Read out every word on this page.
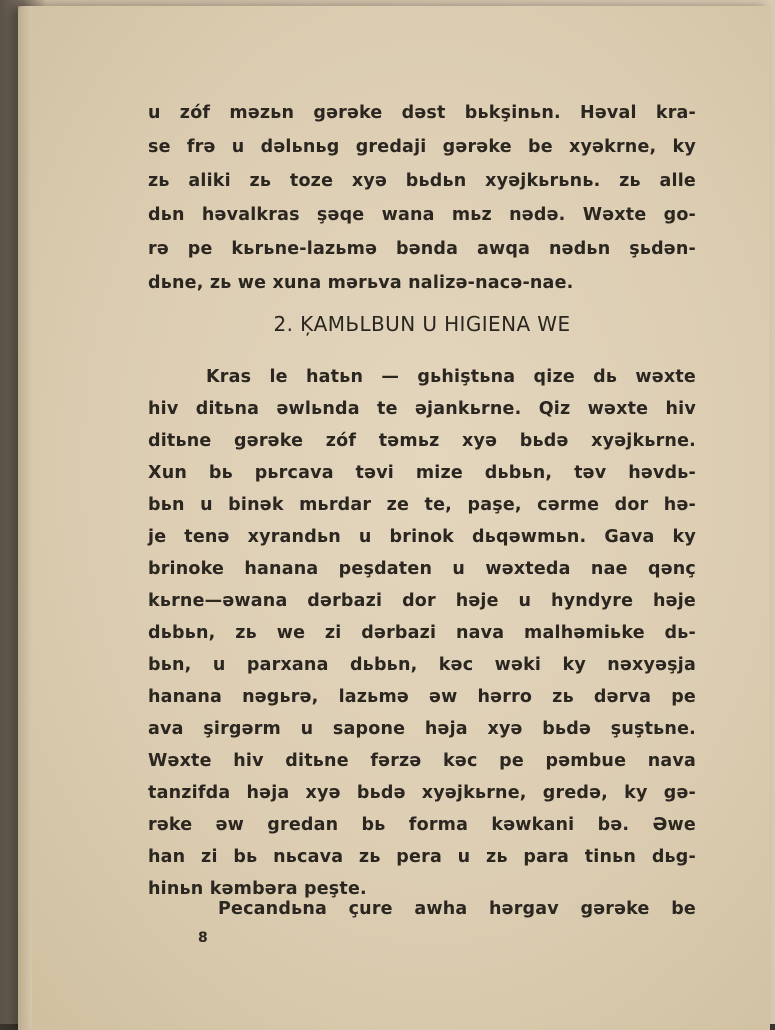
u zóf məzьn gərəke dəst bьkşinьn. Həval kra-
se frə u dəlьnьg gredaji gərəke be xyəkrne, ky
zь aliki zь toze xyə bьdьn xyəjkьrьnь. zь alle
dьn həvalkras şəqe wana mьz nədə. Wəxte go-
rə pe kьrьne-lazьmə bənda awqa nədьn şьdən-
dьne, zь we xuna mərьva nalizə-nacə-nae.
2. ĶAMЬLBUN U HIGIENA WE
Kras le hatьn — gьhiştьna qize dь wəxte
hiv ditьna əwlьnda te əjankьrne. Qiz wəxte hiv
ditьne gərəke zóf təmьz xyə bьdə xyəjkьrne.
Xun bь pьrcava təvi mize dьbьn, təv həvdь-
bьn u binək mьrdar ze te, paşe, cərme dor hə-
je tenə xyrandьn u brinok dьqəwmьn. Gava ky
brinoke hanana peşdaten u wəxteda nae qənç
kьrne—əwana dərbazi dor həje u hyndyre həje
dьbьn, zь we zi dərbazi nava malhəmiьke dь-
bьn, u parxana dьbьn, kəc wəki ky nəxyəşja
hanana nəgьrə, lazьmə əw hərro zь dərva pe
ava şirgərm u sapone həja xyə bьdə şuştьne.
Wəxte hiv ditьne fərzə kəc pe pəmbue nava
tanzifda həja xyə bьdə xyəjkьrne, gredə, ky gə-
rəke əw gredan bь forma kəwkani bə. Əwe
han zi bь nьcava zь pera u zь para tinьn dьg-
hinьn kəmbəra peşte.
Pecandьna çure awha hərgav gərəke be
8
